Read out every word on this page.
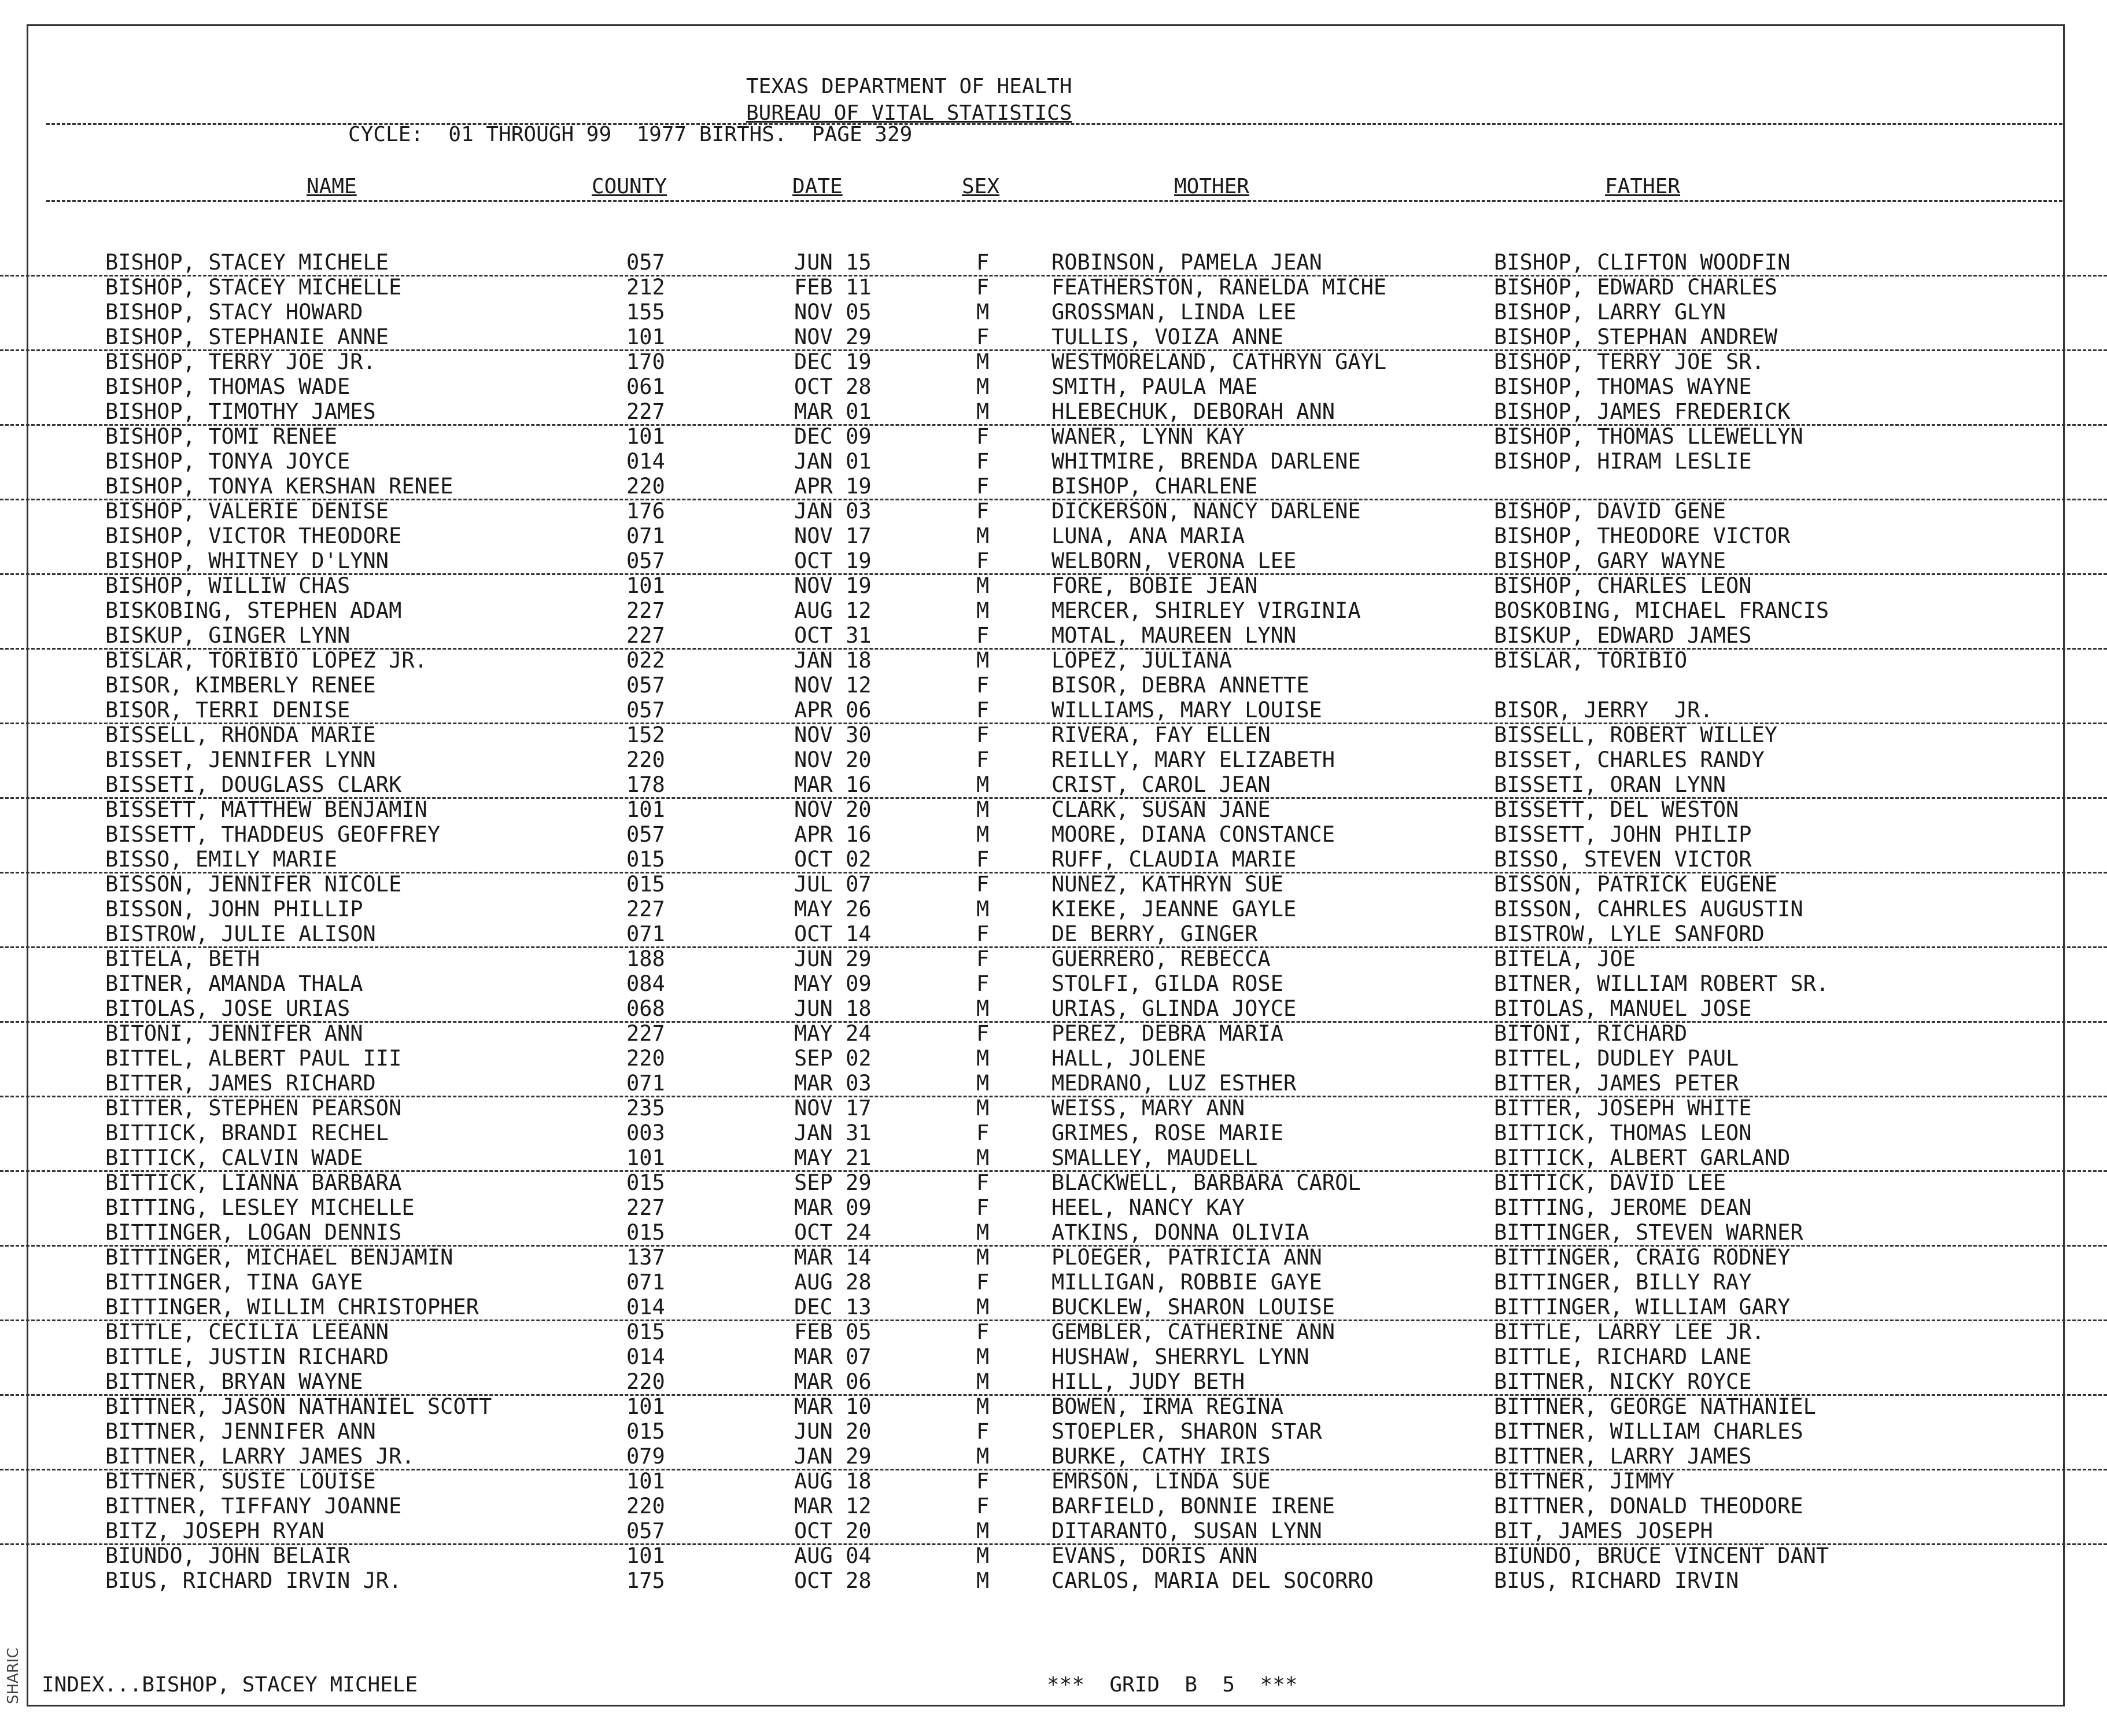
SHARIC
TEXAS DEPARTMENT OF HEALTH
BUREAU OF VITAL STATISTICS
CYCLE:  01 THROUGH 99  1977 BIRTHS.  PAGE 329
NAME	COUNTY	DATE	SEX	MOTHER	FATHER
BISHOP, STACEY MICHELE	057	JUN 15	F	ROBINSON, PAMELA JEAN	BISHOP, CLIFTON WOODFIN
BISHOP, STACEY MICHELLE	212	FEB 11	F	FEATHERSTON, RANELDA MICHE	BISHOP, EDWARD CHARLES
BISHOP, STACY HOWARD	155	NOV 05	M	GROSSMAN, LINDA LEE	BISHOP, LARRY GLYN
BISHOP, STEPHANIE ANNE	101	NOV 29	F	TULLIS, VOIZA ANNE	BISHOP, STEPHAN ANDREW
BISHOP, TERRY JOE JR.	170	DEC 19	M	WESTMORELAND, CATHRYN GAYL	BISHOP, TERRY JOE SR.
BISHOP, THOMAS WADE	061	OCT 28	M	SMITH, PAULA MAE	BISHOP, THOMAS WAYNE
BISHOP, TIMOTHY JAMES	227	MAR 01	M	HLEBECHUK, DEBORAH ANN	BISHOP, JAMES FREDERICK
BISHOP, TOMI RENEE	101	DEC 09	F	WANER, LYNN KAY	BISHOP, THOMAS LLEWELLYN
BISHOP, TONYA JOYCE	014	JAN 01	F	WHITMIRE, BRENDA DARLENE	BISHOP, HIRAM LESLIE
BISHOP, TONYA KERSHAN RENEE	220	APR 19	F	BISHOP, CHARLENE
BISHOP, VALERIE DENISE	176	JAN 03	F	DICKERSON, NANCY DARLENE	BISHOP, DAVID GENE
BISHOP, VICTOR THEODORE	071	NOV 17	M	LUNA, ANA MARIA	BISHOP, THEODORE VICTOR
BISHOP, WHITNEY D'LYNN	057	OCT 19	F	WELBORN, VERONA LEE	BISHOP, GARY WAYNE
BISHOP, WILLIW CHAS	101	NOV 19	M	FORE, BOBIE JEAN	BISHOP, CHARLES LEON
BISKOBING, STEPHEN ADAM	227	AUG 12	M	MERCER, SHIRLEY VIRGINIA	BOSKOBING, MICHAEL FRANCIS
BISKUP, GINGER LYNN	227	OCT 31	F	MOTAL, MAUREEN LYNN	BISKUP, EDWARD JAMES
BISLAR, TORIBIO LOPEZ JR.	022	JAN 18	M	LOPEZ, JULIANA	BISLAR, TORIBIO
BISOR, KIMBERLY RENEE	057	NOV 12	F	BISOR, DEBRA ANNETTE
BISOR, TERRI DENISE	057	APR 06	F	WILLIAMS, MARY LOUISE	BISOR, JERRY  JR.
BISSELL, RHONDA MARIE	152	NOV 30	F	RIVERA, FAY ELLEN	BISSELL, ROBERT WILLEY
BISSET, JENNIFER LYNN	220	NOV 20	F	REILLY, MARY ELIZABETH	BISSET, CHARLES RANDY
BISSETI, DOUGLASS CLARK	178	MAR 16	M	CRIST, CAROL JEAN	BISSETI, ORAN LYNN
BISSETT, MATTHEW BENJAMIN	101	NOV 20	M	CLARK, SUSAN JANE	BISSETT, DEL WESTON
BISSETT, THADDEUS GEOFFREY	057	APR 16	M	MOORE, DIANA CONSTANCE	BISSETT, JOHN PHILIP
BISSO, EMILY MARIE	015	OCT 02	F	RUFF, CLAUDIA MARIE	BISSO, STEVEN VICTOR
BISSON, JENNIFER NICOLE	015	JUL 07	F	NUNEZ, KATHRYN SUE	BISSON, PATRICK EUGENE
BISSON, JOHN PHILLIP	227	MAY 26	M	KIEKE, JEANNE GAYLE	BISSON, CAHRLES AUGUSTIN
BISTROW, JULIE ALISON	071	OCT 14	F	DE BERRY, GINGER	BISTROW, LYLE SANFORD
BITELA, BETH	188	JUN 29	F	GUERRERO, REBECCA	BITELA, JOE
BITNER, AMANDA THALA	084	MAY 09	F	STOLFI, GILDA ROSE	BITNER, WILLIAM ROBERT SR.
BITOLAS, JOSE URIAS	068	JUN 18	M	URIAS, GLINDA JOYCE	BITOLAS, MANUEL JOSE
BITONI, JENNIFER ANN	227	MAY 24	F	PEREZ, DEBRA MARIA	BITONI, RICHARD
BITTEL, ALBERT PAUL III	220	SEP 02	M	HALL, JOLENE	BITTEL, DUDLEY PAUL
BITTER, JAMES RICHARD	071	MAR 03	M	MEDRANO, LUZ ESTHER	BITTER, JAMES PETER
BITTER, STEPHEN PEARSON	235	NOV 17	M	WEISS, MARY ANN	BITTER, JOSEPH WHITE
BITTICK, BRANDI RECHEL	003	JAN 31	F	GRIMES, ROSE MARIE	BITTICK, THOMAS LEON
BITTICK, CALVIN WADE	101	MAY 21	M	SMALLEY, MAUDELL	BITTICK, ALBERT GARLAND
BITTICK, LIANNA BARBARA	015	SEP 29	F	BLACKWELL, BARBARA CAROL	BITTICK, DAVID LEE
BITTING, LESLEY MICHELLE	227	MAR 09	F	HEEL, NANCY KAY	BITTING, JEROME DEAN
BITTINGER, LOGAN DENNIS	015	OCT 24	M	ATKINS, DONNA OLIVIA	BITTINGER, STEVEN WARNER
BITTINGER, MICHAEL BENJAMIN	137	MAR 14	M	PLOEGER, PATRICIA ANN	BITTINGER, CRAIG RODNEY
BITTINGER, TINA GAYE	071	AUG 28	F	MILLIGAN, ROBBIE GAYE	BITTINGER, BILLY RAY
BITTINGER, WILLIM CHRISTOPHER	014	DEC 13	M	BUCKLEW, SHARON LOUISE	BITTINGER, WILLIAM GARY
BITTLE, CECILIA LEEANN	015	FEB 05	F	GEMBLER, CATHERINE ANN	BITTLE, LARRY LEE JR.
BITTLE, JUSTIN RICHARD	014	MAR 07	M	HUSHAW, SHERRYL LYNN	BITTLE, RICHARD LANE
BITTNER, BRYAN WAYNE	220	MAR 06	M	HILL, JUDY BETH	BITTNER, NICKY ROYCE
BITTNER, JASON NATHANIEL SCOTT	101	MAR 10	M	BOWEN, IRMA REGINA	BITTNER, GEORGE NATHANIEL
BITTNER, JENNIFER ANN	015	JUN 20	F	STOEPLER, SHARON STAR	BITTNER, WILLIAM CHARLES
BITTNER, LARRY JAMES JR.	079	JAN 29	M	BURKE, CATHY IRIS	BITTNER, LARRY JAMES
BITTNER, SUSIE LOUISE	101	AUG 18	F	EMRSON, LINDA SUE	BITTNER, JIMMY
BITTNER, TIFFANY JOANNE	220	MAR 12	F	BARFIELD, BONNIE IRENE	BITTNER, DONALD THEODORE
BITZ, JOSEPH RYAN	057	OCT 20	M	DITARANTO, SUSAN LYNN	BIT, JAMES JOSEPH
BIUNDO, JOHN BELAIR	101	AUG 04	M	EVANS, DORIS ANN	BIUNDO, BRUCE VINCENT DANT
BIUS, RICHARD IRVIN JR.	175	OCT 28	M	CARLOS, MARIA DEL SOCORRO	BIUS, RICHARD IRVIN
INDEX...BISHOP, STACEY MICHELE	***  GRID  B  5  ***
